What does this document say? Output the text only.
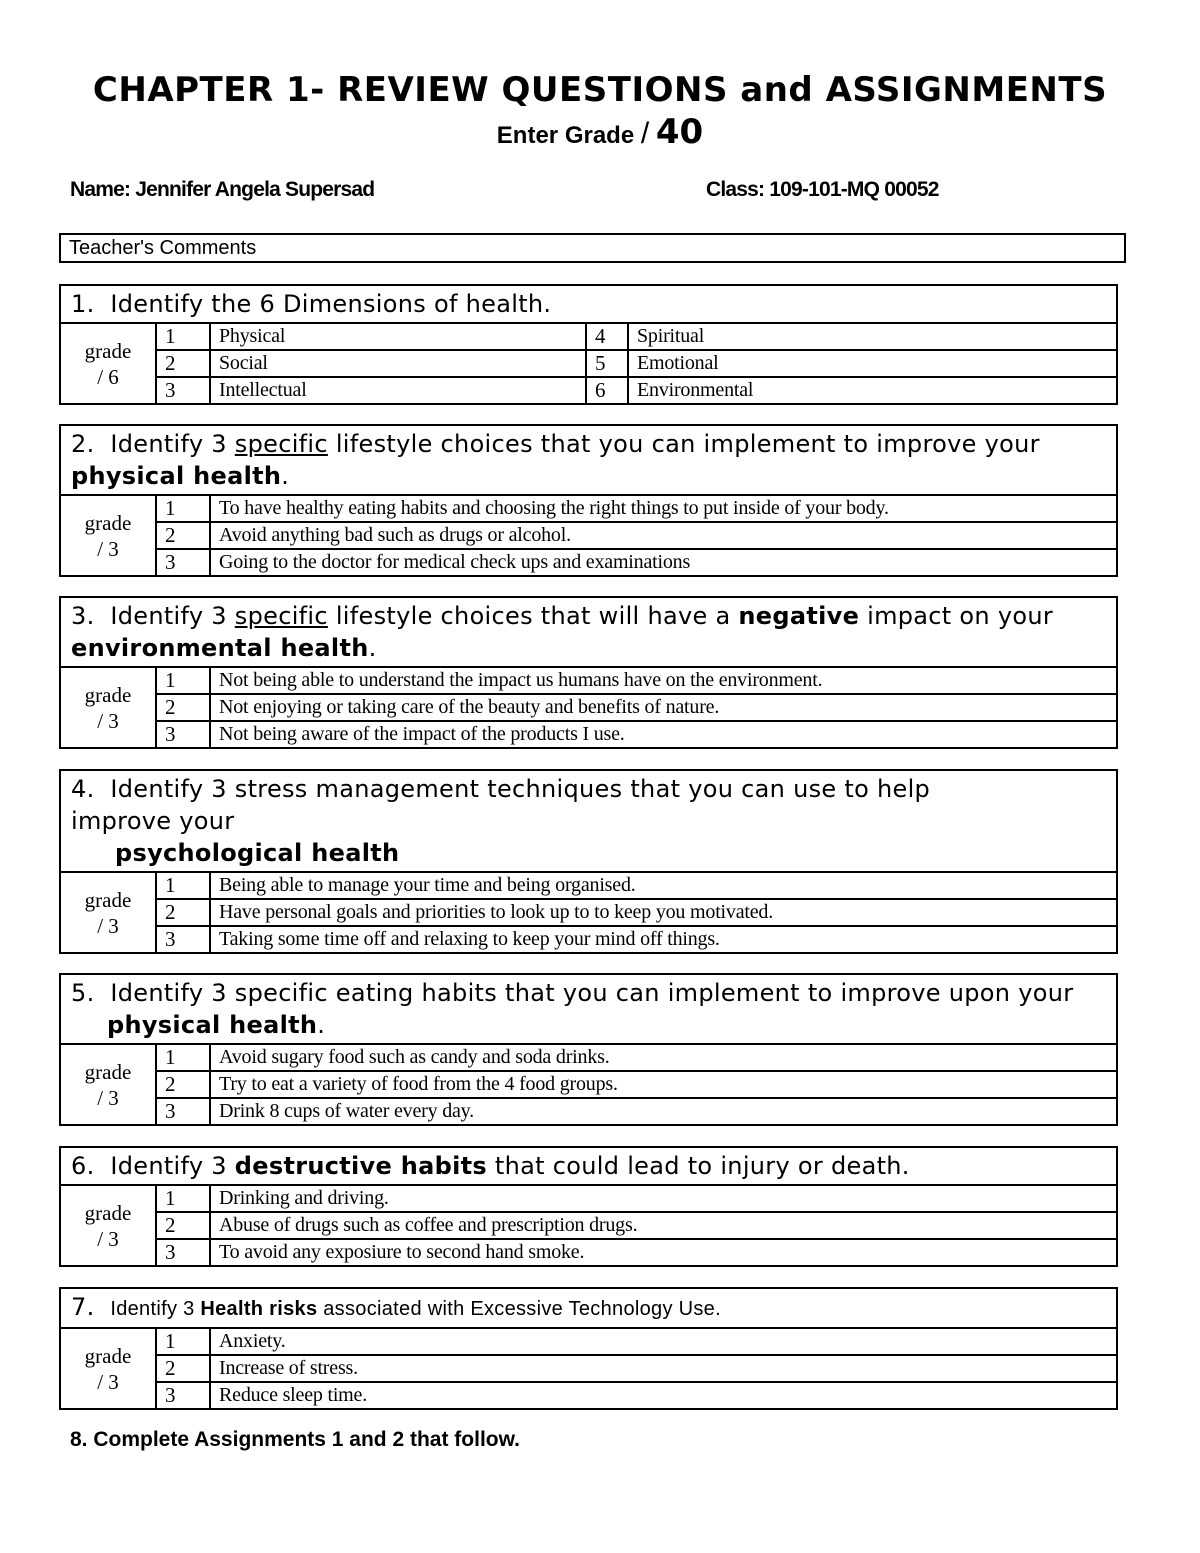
CHAPTER 1- REVIEW QUESTIONS and ASSIGNMENTS
Enter Grade / 40
Name: Jennifer Angela Supersad	Class: 109-101-MQ 00052
Teacher's Comments
1. Identify the 6 Dimensions of health.				
grade
/ 6	1	Physical	4	Spiritual
	2	Social	5	Emotional
	3	Intellectual	6	Environmental
2. Identify 3 specific lifestyle choices that you can implement to improve your physical health.		
grade
/ 3	1	To have healthy eating habits and choosing the right things to put inside of your body.
	2	Avoid anything bad such as drugs or alcohol.
	3	Going to the doctor for medical check ups and examinations
3. Identify 3 specific lifestyle choices that will have a negative impact on your environmental health.		
grade
/ 3	1	Not being able to understand the impact us humans have on the environment.
	2	Not enjoying or taking care of the beauty and benefits of nature.
	3	Not being aware of the impact of the products I use.
4. Identify 3 stress management techniques that you can use to help improve your
psychological health		

grade
/ 3	1	Being able to manage your time and being organised.
	2	Have personal goals and priorities to look up to to keep you motivated.
	3	Taking some time off and relaxing to keep your mind off things.
5. Identify 3 specific eating habits that you can implement to improve upon your physical health.		

grade
/ 3	1	Avoid sugary food such as candy and soda drinks.
	2	Try to eat a variety of food from the 4 food groups.
	3	Drink 8 cups of water every day.
6. Identify 3 destructive habits that could lead to injury or death.		
grade
/ 3	1	Drinking and driving.
	2	Abuse of drugs such as coffee and prescription drugs.
	3	To avoid any exposiure to second hand smoke.
7. Identify 3 Health risks associated with Excessive Technology Use.		
grade
/ 3	1	Anxiety.
	2	Increase of stress.
	3	Reduce sleep time.
8. Complete Assignments 1 and 2 that follow.
